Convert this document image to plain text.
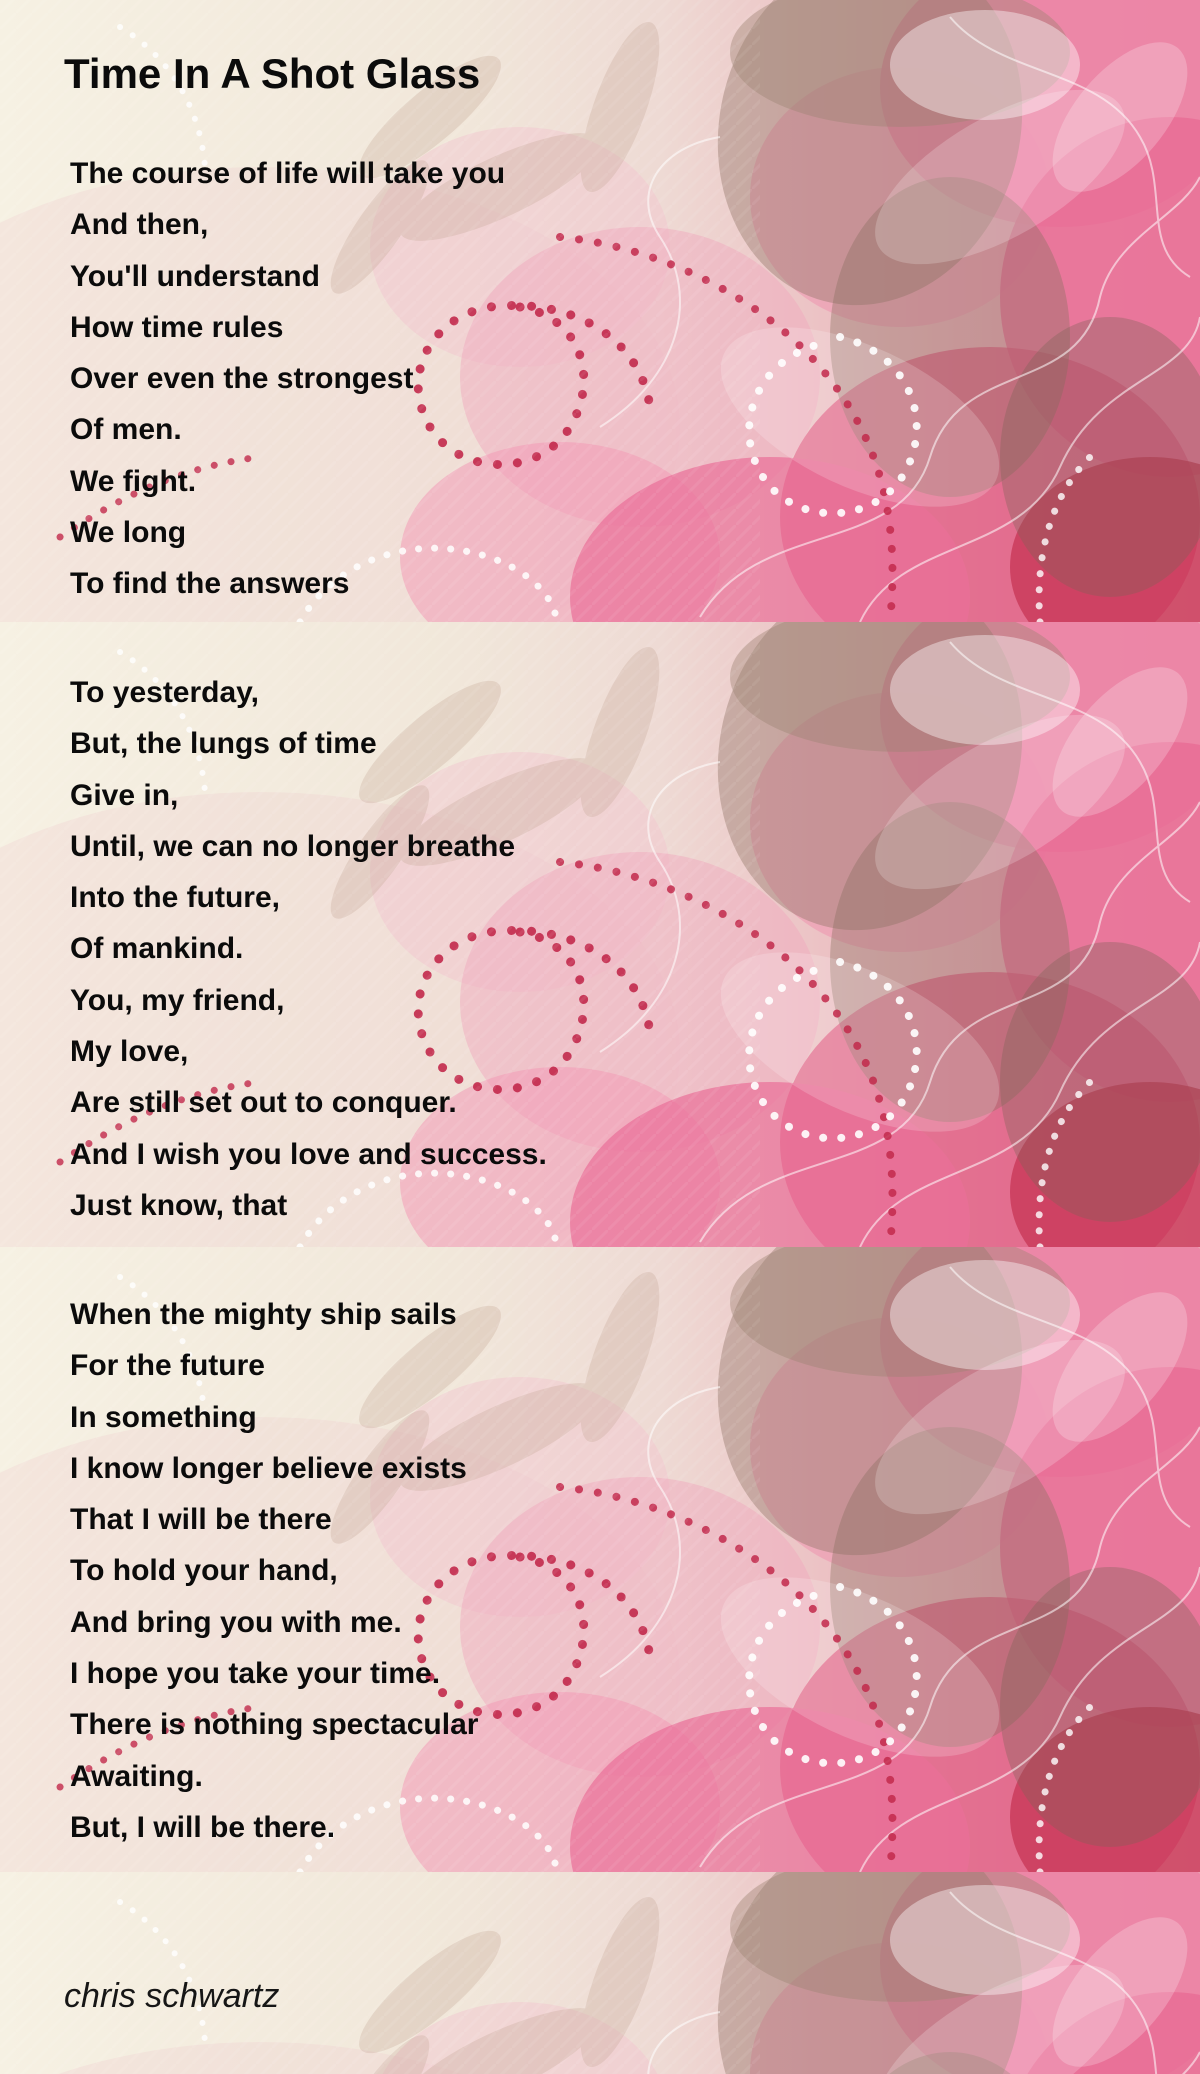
Time In A Shot Glass
The course of life will take you
And then,
You'll understand
How time rules
Over even the strongest
Of men.
We fight.
We long
To find the answers
To yesterday,
But, the lungs of time
Give in,
Until, we can no longer breathe
Into the future,
Of mankind.
You, my friend,
My love,
Are still set out to conquer.
And I wish you love and success.
Just know, that
When the mighty ship sails
For the future
In something
I know longer believe exists
That I will be there
To hold your hand,
And bring you with me.
I hope you take your time.
There is nothing spectacular
Awaiting.
But, I will be there.
chris schwartz
